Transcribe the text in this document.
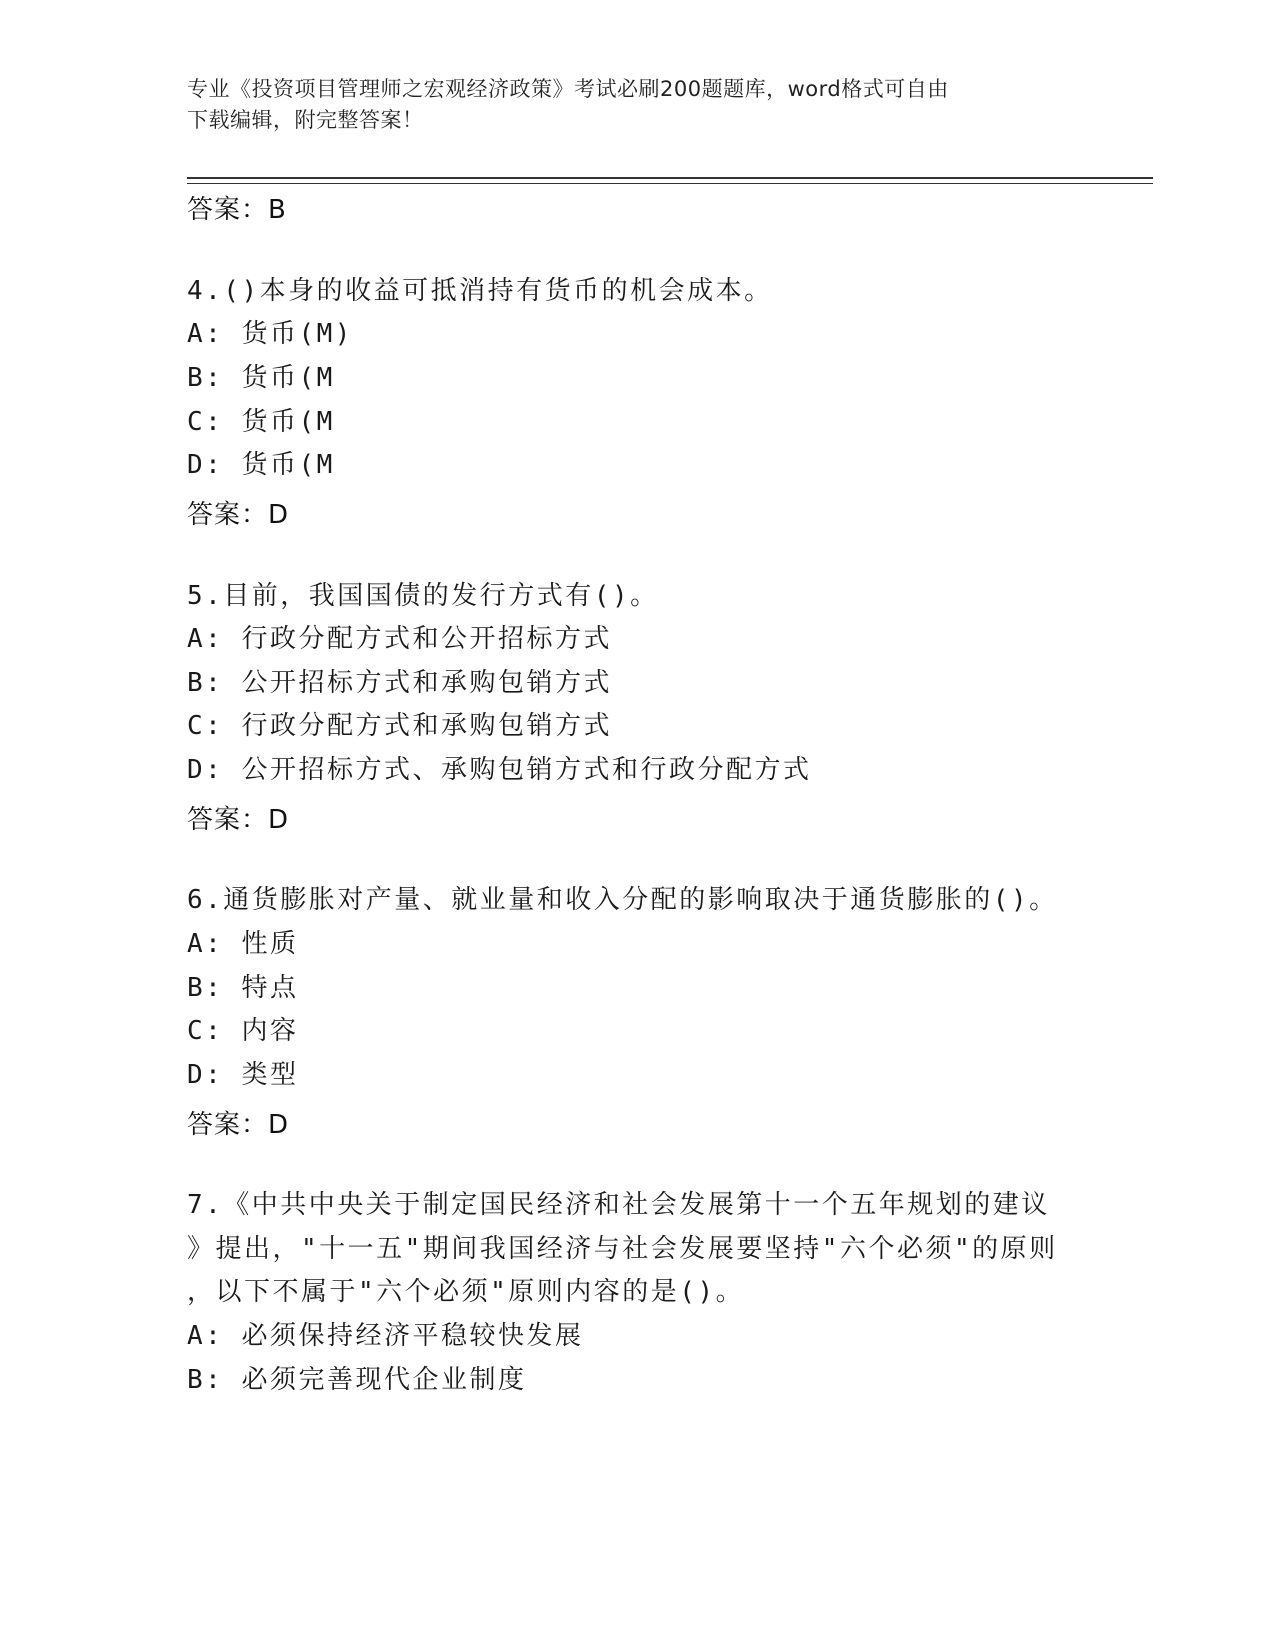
专业《投资项目管理师之宏观经济政策》考试必刷200题题库，word格式可自由
下载编辑，附完整答案！
答案：B
4.()本身的收益可抵消持有货币的机会成本。
A: 货币(M)
B: 货币(M
C: 货币(M
D: 货币(M
答案：D
5.目前，我国国债的发行方式有()。
A: 行政分配方式和公开招标方式
B: 公开招标方式和承购包销方式
C: 行政分配方式和承购包销方式
D: 公开招标方式、承购包销方式和行政分配方式
答案：D
6.通货膨胀对产量、就业量和收入分配的影响取决于通货膨胀的()。
A: 性质
B: 特点
C: 内容
D: 类型
答案：D
7.《中共中央关于制定国民经济和社会发展第十一个五年规划的建议
》提出，"十一五"期间我国经济与社会发展要坚持"六个必须"的原则
，以下不属于"六个必须"原则内容的是()。
A: 必须保持经济平稳较快发展
B: 必须完善现代企业制度
